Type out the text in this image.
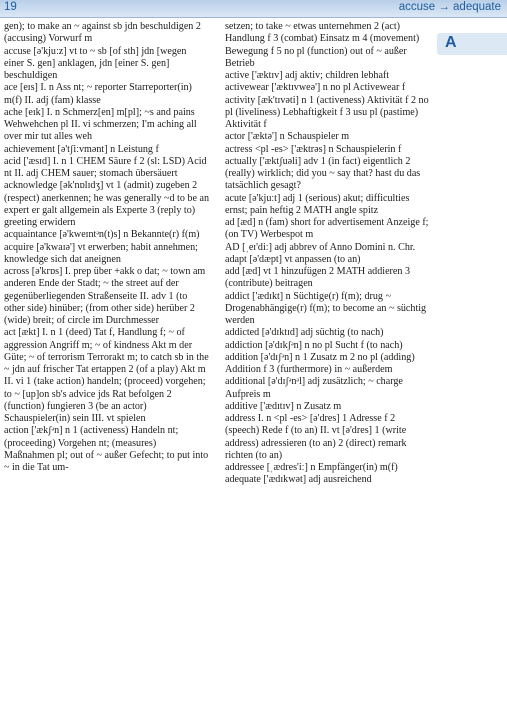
19	accuse → adequate
A

gen); to make an ~ against sb jdn beschuldigen 2 (accusing) Vorwurf m

accuse [ə'kjuːz] vt to ~ sb [of sth] jdn [wegen einer S. gen] anklagen, jdn [einer S. gen] beschuldigen

ace [eɪs] I. n Ass nt; ~ reporter Starreporter(in) m(f) II. adj (fam) klasse

ache [eɪk] I. n Schmerz[en] m[pl]; ~s and pains Wehwehchen pl II. vi schmerzen; I'm aching all over mir tut alles weh

achievement [ə'tʃiːvmənt] n Leistung f

acid ['æsɪd] I. n 1 CHEM Säure f 2 (sl: LSD) Acid nt II. adj CHEM sauer; stomach übersäuert

acknowledge [ək'nɒlɪdʒ] vt 1 (admit) zugeben 2 (respect) anerkennen; he was generally ~d to be an expert er galt allgemein als Experte 3 (reply to) greeting erwidern

acquaintance [ə'kweɪntᵊn(t)s] n Bekannte(r) f(m)

acquire [ə'kwaɪə'] vt erwerben; habit annehmen; knowledge sich dat aneignen

across [ə'krɒs] I. prep über +akk o dat; ~ town am anderen Ende der Stadt; ~ the street auf der gegenüberliegenden Straßenseite II. adv 1 (to other side) hinüber; (from other side) herüber 2 (wide) breit; of circle im Durchmesser

act [ækt] I. n 1 (deed) Tat f, Handlung f; ~ of aggression Angriff m; ~ of kindness Akt m der Güte; ~ of terrorism Terrorakt m; to catch sb in the ~ jdn auf frischer Tat ertappen 2 (of a play) Akt m II. vi 1 (take action) handeln; (proceed) vorgehen; to ~ [up]on sb's advice jds Rat befolgen 2 (function) fungieren 3 (be an actor) Schauspieler(in) sein III. vt spielen

action ['ækʃᵊn] n 1 (activeness) Handeln nt; (proceeding) Vorgehen nt; (measures) Maßnahmen pl; out of ~ außer Gefecht; to put into ~ in die Tat um-

setzen; to take ~ etwas unternehmen 2 (act) Handlung f 3 (combat) Einsatz m 4 (movement) Bewegung f 5 no pl (function) out of ~ außer Betrieb

active ['æktɪv] adj aktiv; children lebhaft

activewear ['æktɪvweə'] n no pl Activewear f

activity [æk'tɪvəti] n 1 (activeness) Aktivität f 2 no pl (liveliness) Lebhaftigkeit f 3 usu pl (pastime) Aktivität f

actor ['æktə'] n Schauspieler m

actress <pl -es> ['æktrəs] n Schauspielerin f

actually ['æktʃuəli] adv 1 (in fact) eigentlich 2 (really) wirklich; did you ~ say that? hast du das tatsächlich gesagt?

acute [ə'kjuːt] adj 1 (serious) akut; difficulties ernst; pain heftig 2 MATH angle spitz

ad [æd] n (fam) short for advertisement Anzeige f; (on TV) Werbespot m

AD [ˌeɪ'diː] adj abbrev of Anno Domini n. Chr.

adapt [ə'dæpt] vt anpassen (to an)

add [æd] vt 1 hinzufügen 2 MATH addieren 3 (contribute) beitragen

addict ['ædɪkt] n Süchtige(r) f(m); drug ~ Drogenabhängige(r) f(m); to become an ~ süchtig werden

addicted [ə'dɪktɪd] adj süchtig (to nach)

addiction [ə'dɪkʃᵊn] n no pl Sucht f (to nach)

addition [ə'dɪʃᵊn] n 1 Zusatz m 2 no pl (adding) Addition f 3 (furthermore) in ~ außerdem

additional [ə'dɪʃᵊnᵊl] adj zusätzlich; ~ charge Aufpreis m

additive ['ædɪtɪv] n Zusatz m

address I. n <pl -es> [ə'dres] 1 Adresse f 2 (speech) Rede f (to an) II. vt [ə'dres] 1 (write address) adressieren (to an) 2 (direct) remark richten (to an)

addressee [ˌædres'iː] n Empfänger(in) m(f)

adequate ['ædɪkwət] adj ausreichend
